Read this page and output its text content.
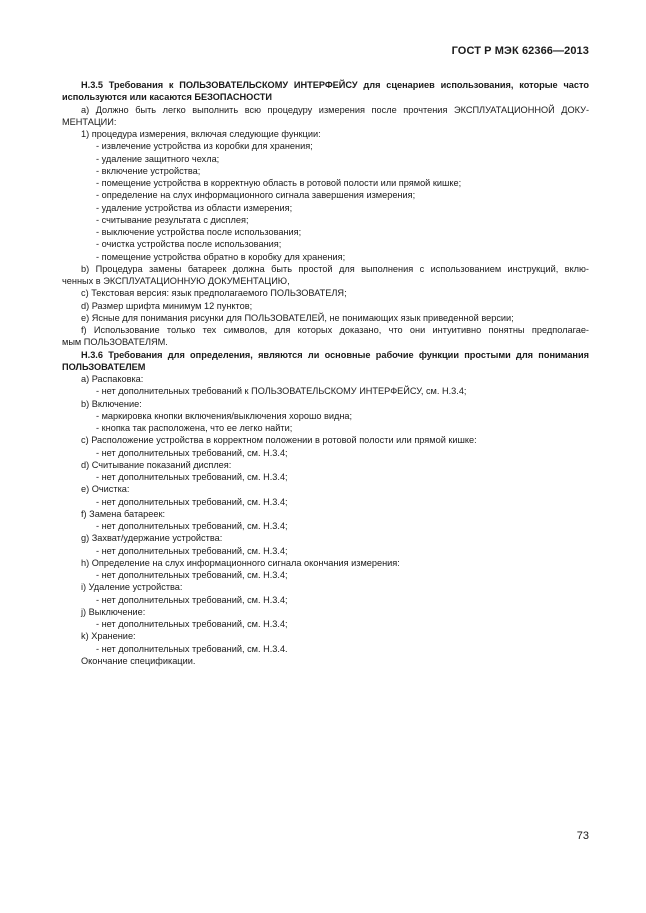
ГОСТ Р МЭК 62366—2013

Н.3.5 Требования к ПОЛЬЗОВАТЕЛЬСКОМУ ИНТЕРФЕЙСУ для сценариев использования, которые часто

используются или касаются БЕЗОПАСНОСТИ

а) Должно быть легко выполнить всю процедуру измерения после прочтения ЭКСПЛУАТАЦИОННОЙ ДОКУ-

МЕНТАЦИИ:

1) процедура измерения, включая следующие функции:

- извлечение устройства из коробки для хранения;

- удаление защитного чехла;

- включение устройства;

- помещение устройства в корректную область в ротовой полости или прямой кишке;

- определение на слух информационного сигнала завершения измерения;

- удаление устройства из области измерения;

- считывание результата с дисплея;

- выключение устройства после использования;

- очистка устройства после использования;

- помещение устройства обратно в коробку для хранения;

b) Процедура замены батареек должна быть простой для выполнения с использованием инструкций, вклю-

ченных в ЭКСПЛУАТАЦИОННУЮ ДОКУМЕНТАЦИЮ,

с) Текстовая версия: язык предполагаемого ПОЛЬЗОВАТЕЛЯ;

d) Размер шрифта минимум 12 пунктов;

е) Ясные для понимания рисунки для ПОЛЬЗОВАТЕЛЕЙ, не понимающих язык приведенной версии;

f) Использование только тех символов, для которых доказано, что они интуитивно понятны предполагае-

мым ПОЛЬЗОВАТЕЛЯМ.

Н.3.6 Требования для определения, являются ли основные рабочие функции простыми для понимания

ПОЛЬЗОВАТЕЛЕМ

а) Распаковка:

- нет дополнительных требований к ПОЛЬЗОВАТЕЛЬСКОМУ ИНТЕРФЕЙСУ, см. Н.3.4;

b) Включение:

- маркировка кнопки включения/выключения хорошо видна;

- кнопка так расположена, что ее легко найти;

с) Расположение устройства в корректном положении в ротовой полости или прямой кишке:

- нет дополнительных требований, см. Н.3.4;

d) Считывание показаний дисплея:

- нет дополнительных требований, см. Н.3.4;

е) Очистка:

- нет дополнительных требований, см. Н.3.4;

f) Замена батареек:

- нет дополнительных требований, см. Н.3.4;

g) Захват/удержание устройства:

- нет дополнительных требований, см. Н.3.4;

h) Определение на слух информационного сигнала окончания измерения:

- нет дополнительных требований, см. Н.3.4;

i) Удаление устройства:

- нет дополнительных требований, см. Н.3.4;

j) Выключение:

- нет дополнительных требований, см. Н.3.4;

k) Хранение:

- нет дополнительных требований, см. Н.3.4.

Окончание спецификации.

73
